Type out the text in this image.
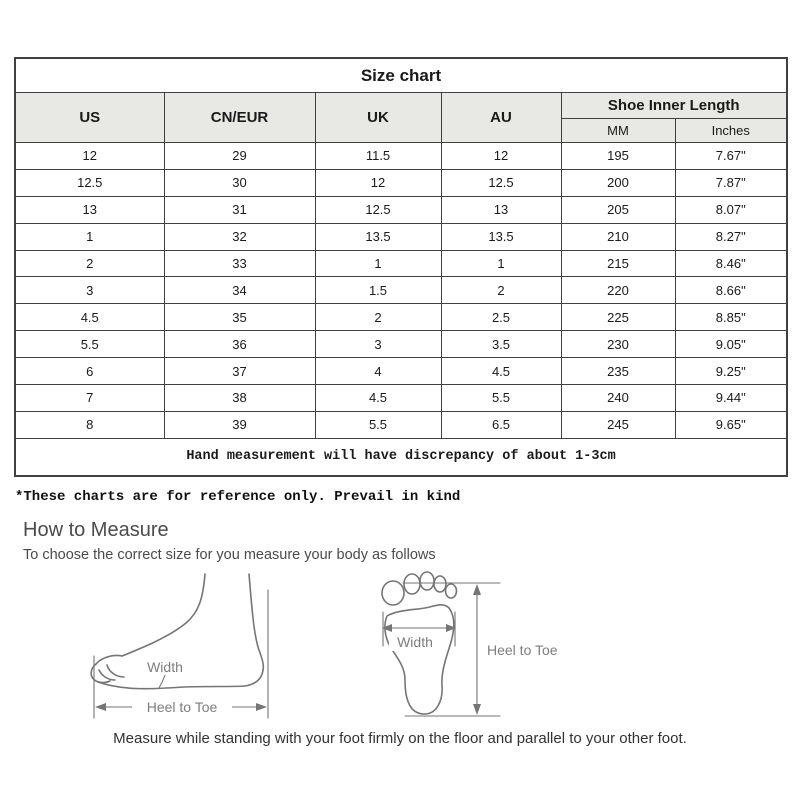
Size chart					
US	CN/EUR	UK	AU	Shoe Inner Length	
				MM	Inches
12	29	11.5	12	195	7.67"
12.5	30	12	12.5	200	7.87"
13	31	12.5	13	205	8.07"
1	32	13.5	13.5	210	8.27"
2	33	1	1	215	8.46"
3	34	1.5	2	220	8.66"
4.5	35	2	2.5	225	8.85"
5.5	36	3	3.5	230	9.05"
6	37	4	4.5	235	9.25"
7	38	4.5	5.5	240	9.44"
8	39	5.5	6.5	245	9.65"
Hand measurement will have discrepancy of about 1-3cm					
*These charts are for reference only. Prevail in kind
How to Measure
To choose the correct size for you measure your body as follows
Width
Heel to Toe
Width	Heel to Toe
Measure while standing with your foot firmly on the floor and parallel to your other foot.
